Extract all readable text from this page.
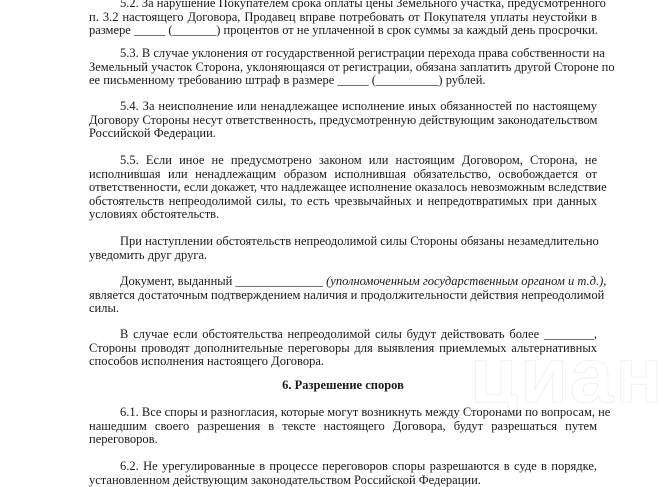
циан
6. Разрешение споров
5.2. За нарушение Покупателем срока оплаты цены Земельного участка, предусмотренного
п. 3.2 настоящего Договора, Продавец вправе потребовать от Покупателя уплаты неустойки в
размере _____ (_______) процентов от не уплаченной в срок суммы за каждый день просрочки.
5.3. В случае уклонения от государственной регистрации перехода права собственности на
Земельный участок Сторона, уклоняющаяся от регистрации, обязана заплатить другой Стороне по
ее письменному требованию штраф в размере _____ (__________) рублей.
5.4. За неисполнение или ненадлежащее исполнение иных обязанностей по настоящему
Договору Стороны несут ответственность, предусмотренную действующим законодательством
Российской Федерации.
5.5. Если иное не предусмотрено законом или настоящим Договором, Сторона, не
исполнившая или ненадлежащим образом исполнившая обязательство, освобождается от
ответственности, если докажет, что надлежащее исполнение оказалось невозможным вследствие
обстоятельств непреодолимой силы, то есть чрезвычайных и непредотвратимых при данных
условиях обстоятельств.
При наступлении обстоятельств непреодолимой силы Стороны обязаны незамедлительно
уведомить друг друга.
Документ, выданный ______________ (уполномоченным государственным органом и т.д.),
является достаточным подтверждением наличия и продолжительности действия непреодолимой
силы.
В случае если обстоятельства непреодолимой силы будут действовать более ________,
Стороны проводят дополнительные переговоры для выявления приемлемых альтернативных
способов исполнения настоящего Договора.
6.1. Все споры и разногласия, которые могут возникнуть между Сторонами по вопросам, не
нашедшим своего разрешения в тексте настоящего Договора, будут разрешаться путем
переговоров.
6.2. Не урегулированные в процессе переговоров споры разрешаются в суде в порядке,
установленном действующим законодательством Российской Федерации.
